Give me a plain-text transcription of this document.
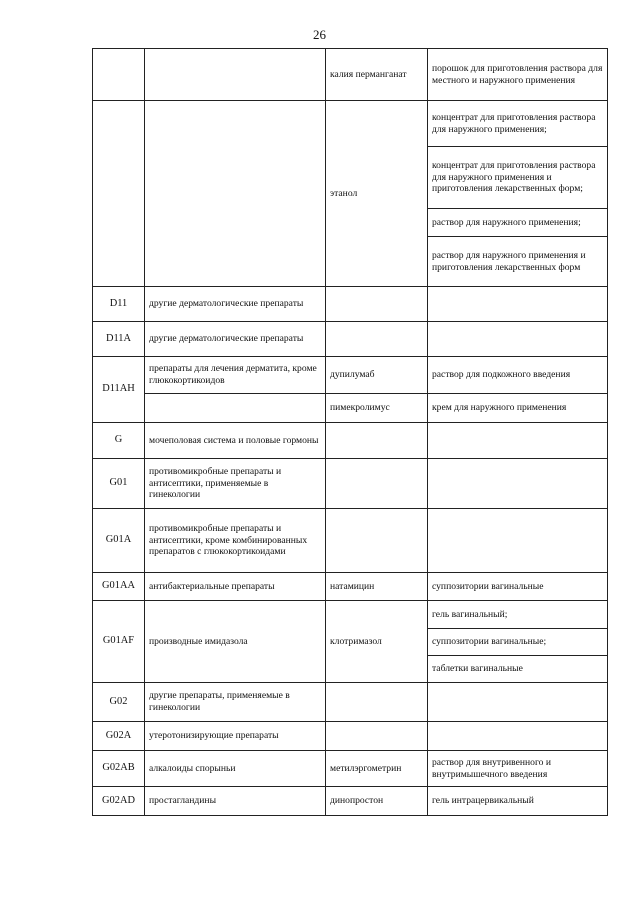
26
		калия перманганат	порошок для приготовления раствора для местного и наружного применения
		этанол	концентрат для приготовления раствора для наружного применения;
			концентрат для приготовления раствора для наружного применения и приготовления лекарственных форм;
			раствор для наружного применения;
			раствор для наружного применения и приготовления лекарственных форм
D11	другие дерматологические препараты		
D11A	другие дерматологические препараты		
D11AH	препараты для лечения дерматита, кроме глюкокортикоидов	дупилумаб	раствор для подкожного введения
		пимекролимус	крем для наружного применения
G	мочеполовая система и половые гормоны		
G01	противомикробные препараты и антисептики, применяемые в гинекологии		
G01A	противомикробные препараты и антисептики, кроме комбинированных препаратов с глюкокортикоидами		
G01AA	антибактериальные препараты	натамицин	суппозитории вагинальные
G01AF	производные имидазола	клотримазол	гель вагинальный;
			суппозитории вагинальные;
			таблетки вагинальные
G02	другие препараты, применяемые в гинекологии		
G02A	утеротонизирующие препараты		
G02AB	алкалоиды спорыньи	метилэргометрин	раствор для внутривенного и внутримышечного введения
G02AD	простагландины	динопростон	гель интрацервикальный
